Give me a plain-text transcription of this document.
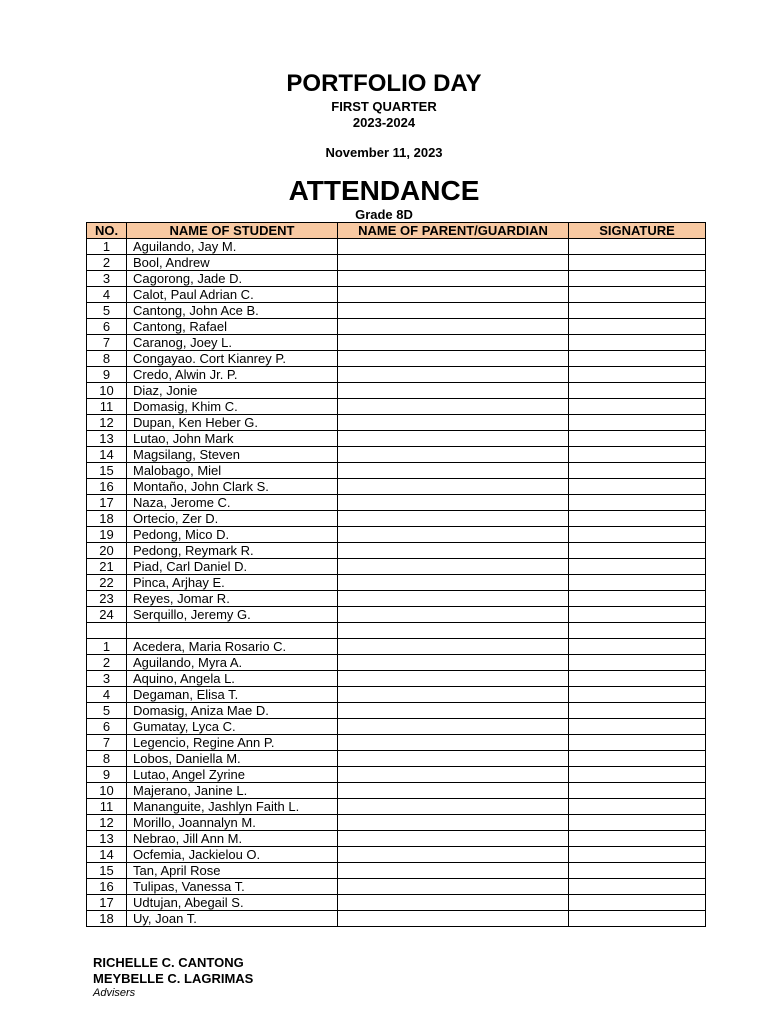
PORTFOLIO DAY
FIRST QUARTER
2023-2024
November 11, 2023
ATTENDANCE
Grade 8D
NO.	NAME OF STUDENT	NAME OF PARENT/GUARDIAN	SIGNATURE
1	Aguilando, Jay M.		
2	Bool, Andrew		
3	Cagorong, Jade D.		
4	Calot, Paul Adrian C.		
5	Cantong, John Ace B.		
6	Cantong, Rafael		
7	Caranog, Joey L.		
8	Congayao. Cort Kianrey P.		
9	Credo, Alwin Jr. P.		
10	Diaz, Jonie		
11	Domasig, Khim C.		
12	Dupan, Ken Heber G.		
13	Lutao, John Mark		
14	Magsilang, Steven		
15	Malobago, Miel		
16	Montaño, John Clark S.		
17	Naza, Jerome C.		
18	Ortecio, Zer D.		
19	Pedong, Mico D.		
20	Pedong, Reymark R.		
21	Piad, Carl Daniel D.		
22	Pinca, Arjhay E.		
23	Reyes, Jomar R.		
24	Serquillo, Jeremy G.		

1	Acedera, Maria Rosario C.		
2	Aguilando, Myra A.		
3	Aquino, Angela L.		
4	Degaman, Elisa T.		
5	Domasig, Aniza Mae D.		
6	Gumatay, Lyca C.		
7	Legencio, Regine Ann P.		
8	Lobos, Daniella M.		
9	Lutao, Angel Zyrine		
10	Majerano, Janine L.		
11	Mananguite, Jashlyn Faith L.		
12	Morillo, Joannalyn M.		
13	Nebrao, Jill Ann M.		
14	Ocfemia, Jackielou O.		
15	Tan, April Rose		
16	Tulipas, Vanessa T.		
17	Udtujan, Abegail S.		
18	Uy, Joan T.		
RICHELLE C. CANTONG
MEYBELLE C. LAGRIMAS
Advisers
